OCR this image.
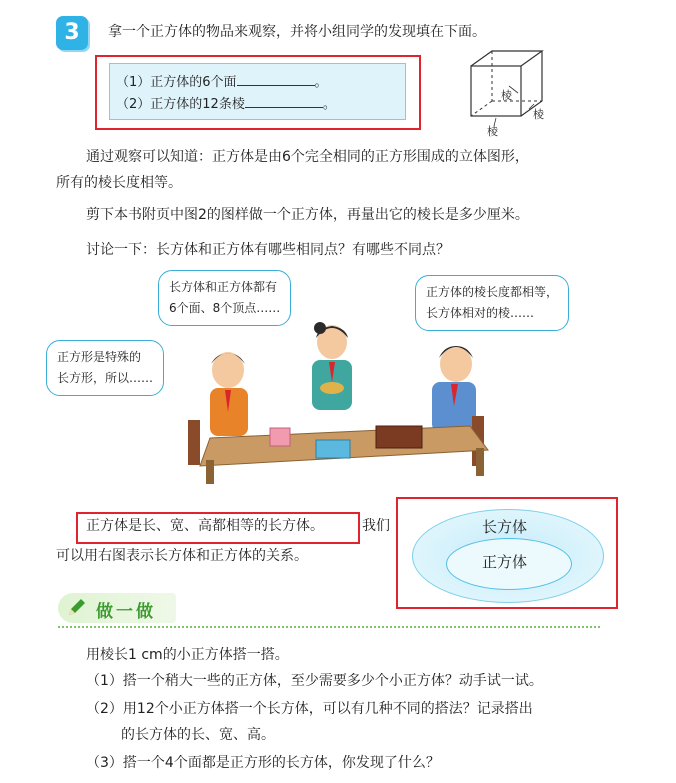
3	拿一个正方体的物品来观察，并将小组同学的发现填在下面。
（1）正方体的6个面	。
（2）正方体的12条棱	。
棱
棱
棱
通过观察可以知道：正方体是由6个完全相同的正方形围成的立体图形，
所有的棱长度相等。
剪下本书附页中图2的图样做一个正方体，再量出它的棱长是多少厘米。
讨论一下：长方体和正方体有哪些相同点？有哪些不同点？
长方体和正方体都有
6个面、8个顶点……
正方体的棱长度都相等，
长方体相对的棱……
正方形是特殊的
长方形，所以……
正方体是长、宽、高都相等的长方体。	我们
可以用右图表示长方体和正方体的关系。
长方体
正方体
做一做
用棱长1 cm的小正方体搭一搭。
（1）搭一个稍大一些的正方体，至少需要多少个小正方体？动手试一试。
（2）用12个小正方体搭一个长方体，可以有几种不同的搭法？记录搭出
的长方体的长、宽、高。
（3）搭一个4个面都是正方形的长方体，你发现了什么？
